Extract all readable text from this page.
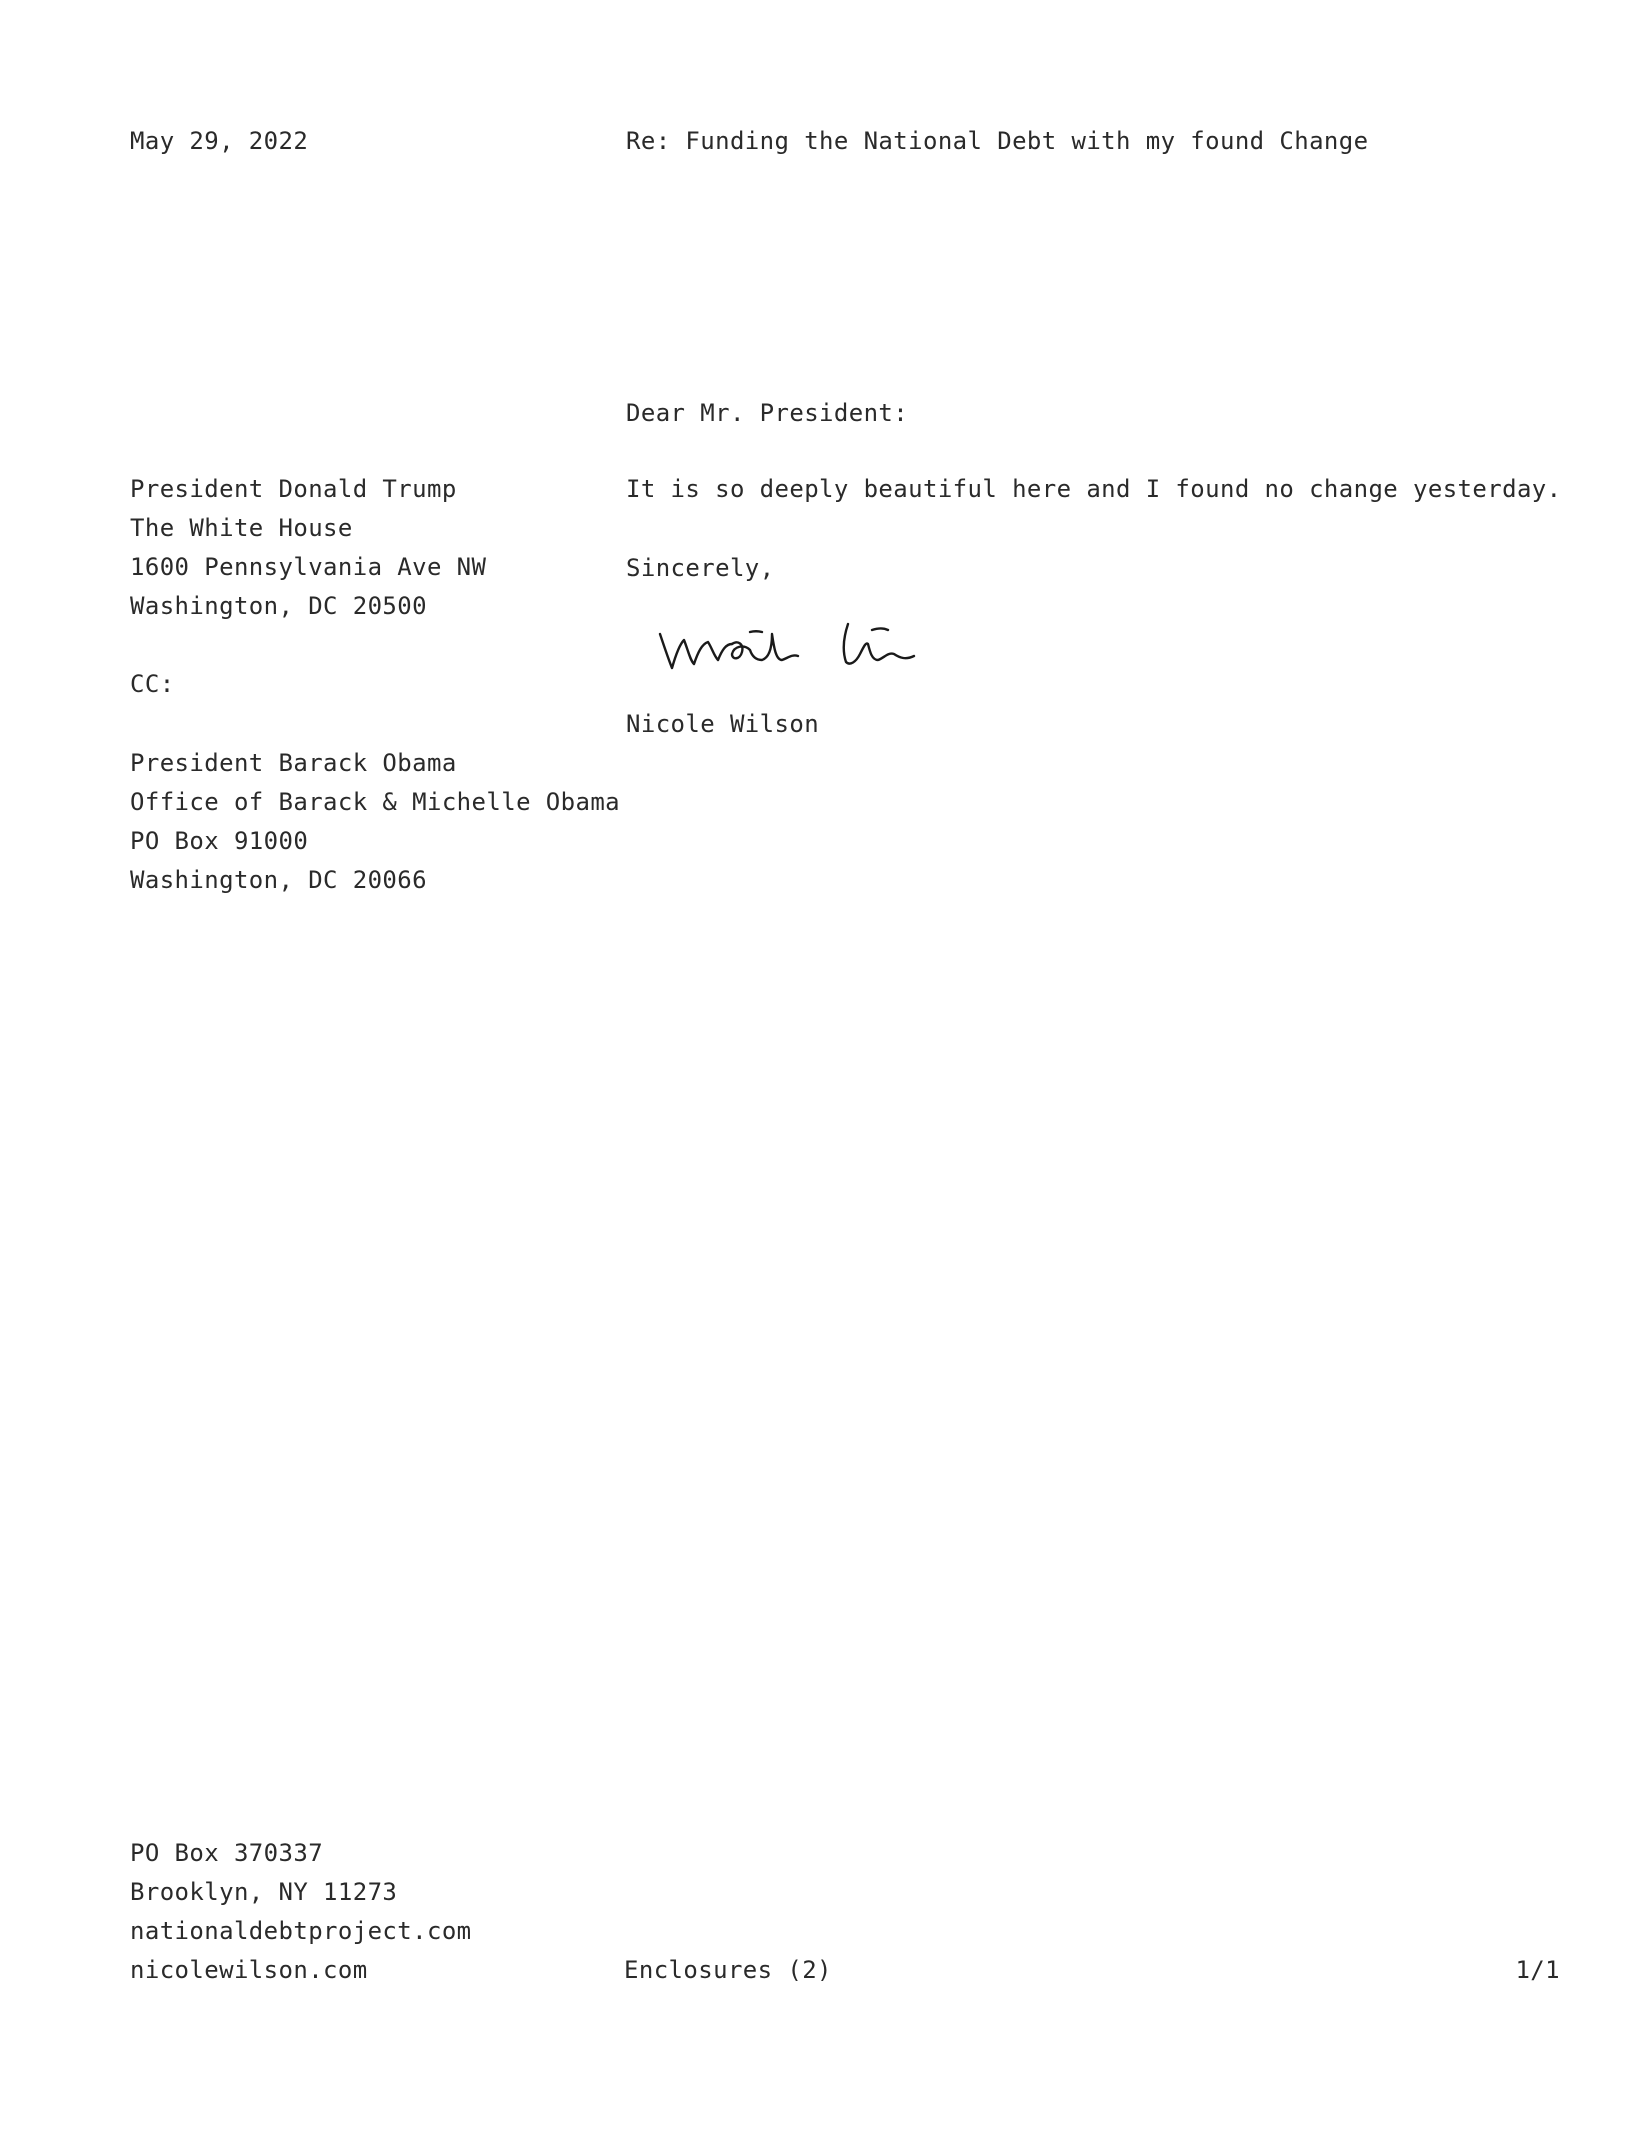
May 29, 2022	Re: Funding the National Debt with my found Change
Dear Mr. President:
President Donald Trump
The White House
1600 Pennsylvania Ave NW
Washington, DC 20500
CC:
President Barack Obama
Office of Barack & Michelle Obama
PO Box 91000
Washington, DC 20066
It is so deeply beautiful here and I found no change yesterday.
Sincerely,
Nicole Wilson
PO Box 370337
Brooklyn, NY 11273
nationaldebtproject.com
nicolewilson.com	Enclosures (2)	1/1
